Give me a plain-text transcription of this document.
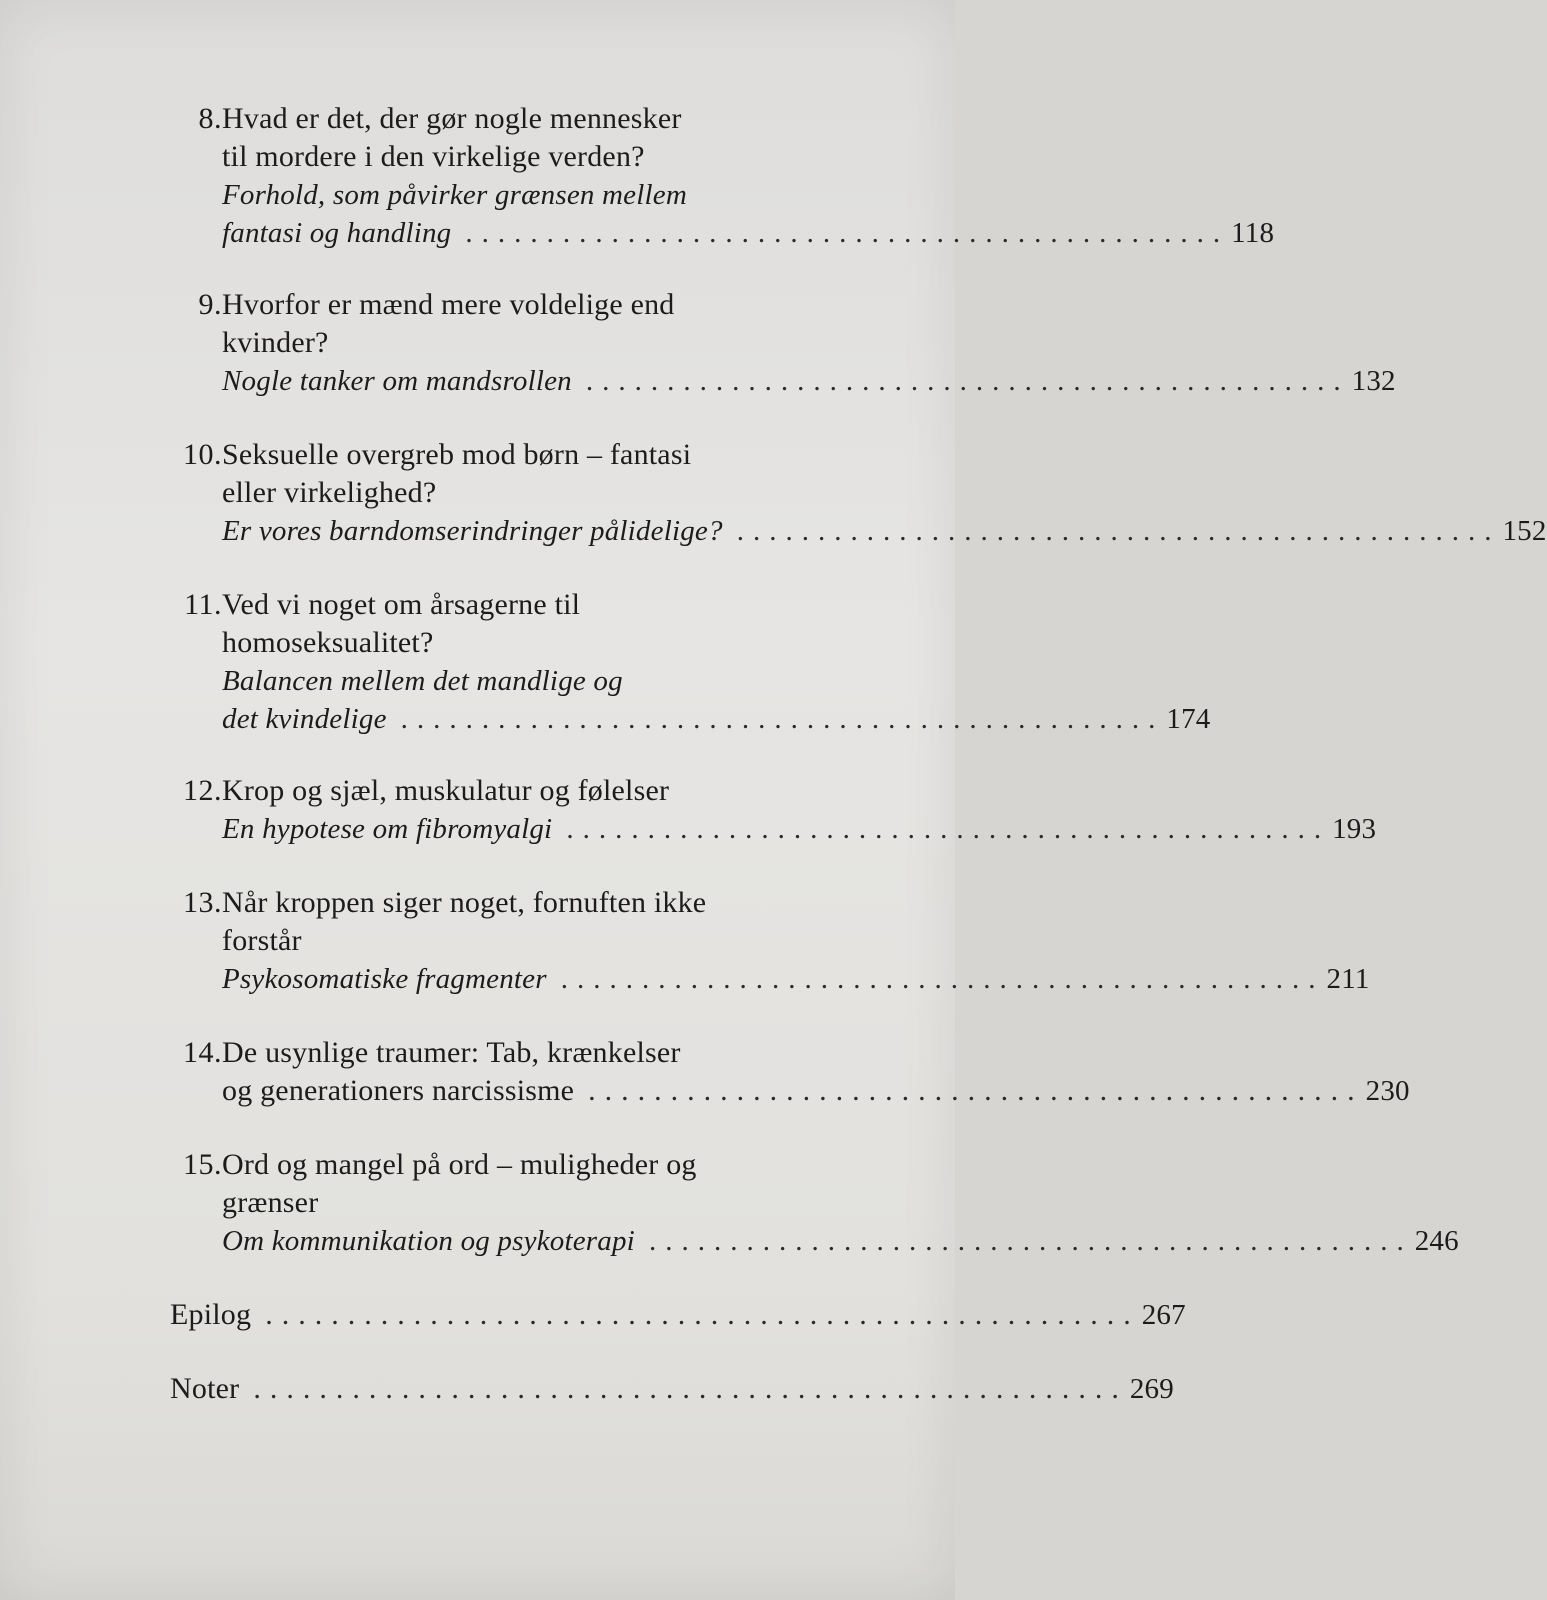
8. Hvad er det, der gør nogle mennesker
til mordere i den virkelige verden?
Forhold, som påvirker grænsen mellem
fantasi og handling ............................................... 118
9. Hvorfor er mænd mere voldelige end
kvinder?
Nogle tanker om mandsrollen ............................................... 132
10. Seksuelle overgreb mod børn – fantasi
eller virkelighed?
Er vores barndomserindringer pålidelige? ............................................... 152
11. Ved vi noget om årsagerne til
homoseksualitet?
Balancen mellem det mandlige og
det kvindelige ............................................... 174
12. Krop og sjæl, muskulatur og følelser
En hypotese om fibromyalgi ............................................... 193
13. Når kroppen siger noget, fornuften ikke
forstår
Psykosomatiske fragmenter ............................................... 211
14. De usynlige traumer: Tab, krænkelser
og generationers narcissisme ............................................... 230
15. Ord og mangel på ord – muligheder og
grænser
Om kommunikation og psykoterapi ............................................... 246
Epilog ..................................................... 267
Noter ..................................................... 269
